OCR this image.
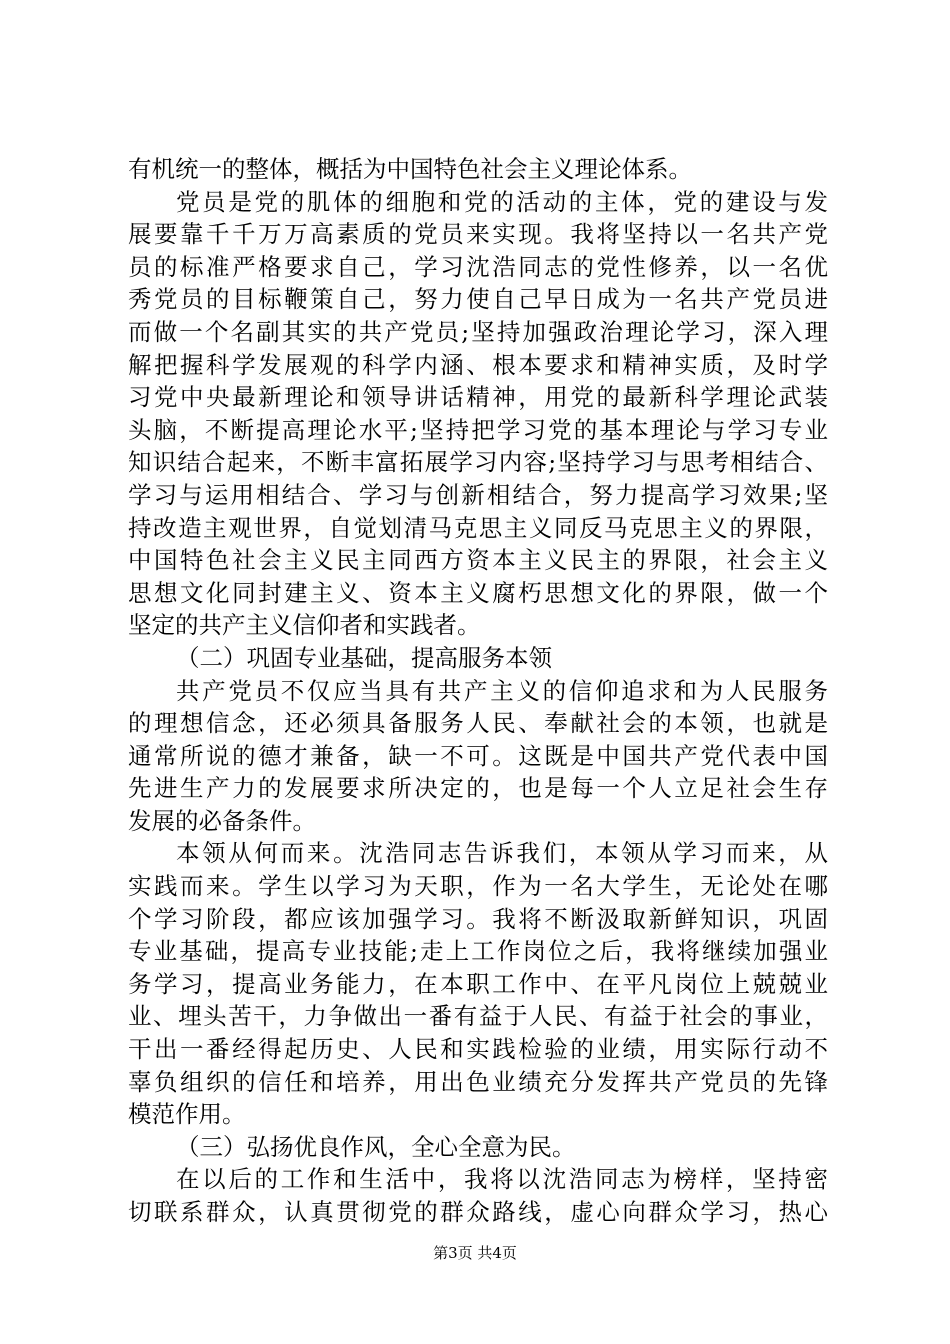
有机统一的整体，概括为中国特色社会主义理论体系。
党员是党的肌体的细胞和党的活动的主体，党的建设与发
展要靠千千万万高素质的党员来实现。我将坚持以一名共产党
员的标准严格要求自己，学习沈浩同志的党性修养，以一名优
秀党员的目标鞭策自己，努力使自己早日成为一名共产党员进
而做一个名副其实的共产党员;坚持加强政治理论学习，深入理
解把握科学发展观的科学内涵、根本要求和精神实质，及时学
习党中央最新理论和领导讲话精神，用党的最新科学理论武装
头脑，不断提高理论水平;坚持把学习党的基本理论与学习专业
知识结合起来，不断丰富拓展学习内容;坚持学习与思考相结合、
学习与运用相结合、学习与创新相结合，努力提高学习效果;坚
持改造主观世界，自觉划清马克思主义同反马克思主义的界限，
中国特色社会主义民主同西方资本主义民主的界限，社会主义
思想文化同封建主义、资本主义腐朽思想文化的界限，做一个
坚定的共产主义信仰者和实践者。
（二）巩固专业基础，提高服务本领
共产党员不仅应当具有共产主义的信仰追求和为人民服务
的理想信念，还必须具备服务人民、奉献社会的本领，也就是
通常所说的德才兼备，缺一不可。这既是中国共产党代表中国
先进生产力的发展要求所决定的，也是每一个人立足社会生存
发展的必备条件。
本领从何而来。沈浩同志告诉我们，本领从学习而来，从
实践而来。学生以学习为天职，作为一名大学生，无论处在哪
个学习阶段，都应该加强学习。我将不断汲取新鲜知识，巩固
专业基础，提高专业技能;走上工作岗位之后，我将继续加强业
务学习，提高业务能力，在本职工作中、在平凡岗位上兢兢业
业、埋头苦干，力争做出一番有益于人民、有益于社会的事业，
干出一番经得起历史、人民和实践检验的业绩，用实际行动不
辜负组织的信任和培养，用出色业绩充分发挥共产党员的先锋
模范作用。
（三）弘扬优良作风，全心全意为民。
在以后的工作和生活中，我将以沈浩同志为榜样，坚持密
切联系群众，认真贯彻党的群众路线，虚心向群众学习，热心
第3页 共4页
